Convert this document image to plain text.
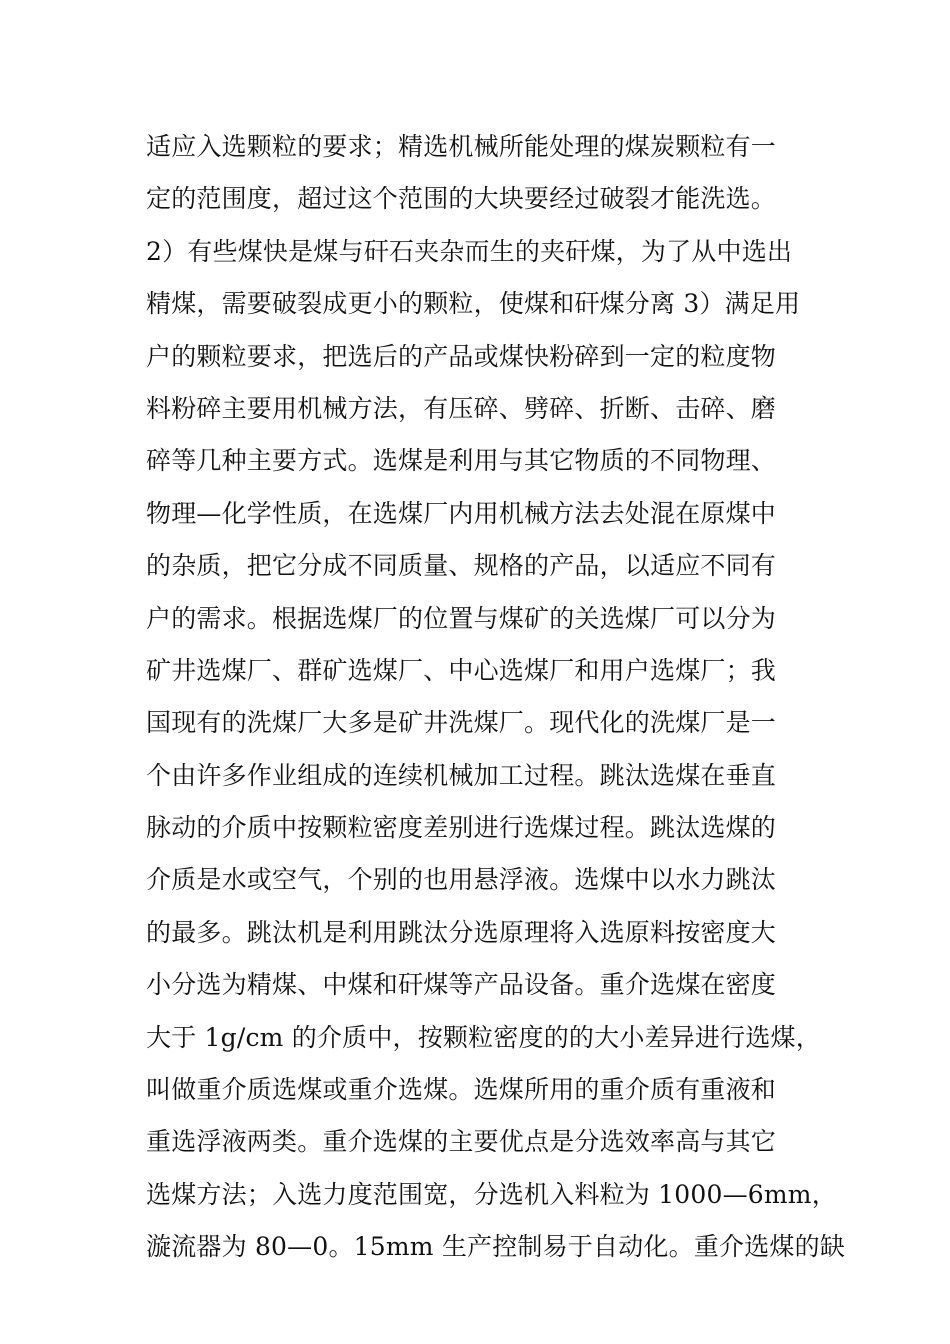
适应入选颗粒的要求；精选机械所能处理的煤炭颗粒有一
定的范围度，超过这个范围的大块要经过破裂才能洗选。
2）有些煤快是煤与矸石夹杂而生的夹矸煤，为了从中选出
精煤，需要破裂成更小的颗粒，使煤和矸煤分离 3）满足用
户的颗粒要求，把选后的产品或煤快粉碎到一定的粒度物
料粉碎主要用机械方法，有压碎、劈碎、折断、击碎、磨
碎等几种主要方式。选煤是利用与其它物质的不同物理、
物理—化学性质，在选煤厂内用机械方法去处混在原煤中
的杂质，把它分成不同质量、规格的产品，以适应不同有
户的需求。根据选煤厂的位置与煤矿的关选煤厂可以分为
矿井选煤厂、群矿选煤厂、中心选煤厂和用户选煤厂；我
国现有的洗煤厂大多是矿井洗煤厂。现代化的洗煤厂是一
个由许多作业组成的连续机械加工过程。跳汰选煤在垂直
脉动的介质中按颗粒密度差别进行选煤过程。跳汰选煤的
介质是水或空气，个别的也用悬浮液。选煤中以水力跳汰
的最多。跳汰机是利用跳汰分选原理将入选原料按密度大
小分选为精煤、中煤和矸煤等产品设备。重介选煤在密度
大于 1g/cm 的介质中，按颗粒密度的的大小差异进行选煤，
叫做重介质选煤或重介选煤。选煤所用的重介质有重液和
重选浮液两类。重介选煤的主要优点是分选效率高与其它
选煤方法；入选力度范围宽，分选机入料粒为 1000—6mm，
漩流器为 80—0。15mm 生产控制易于自动化。重介选煤的缺
